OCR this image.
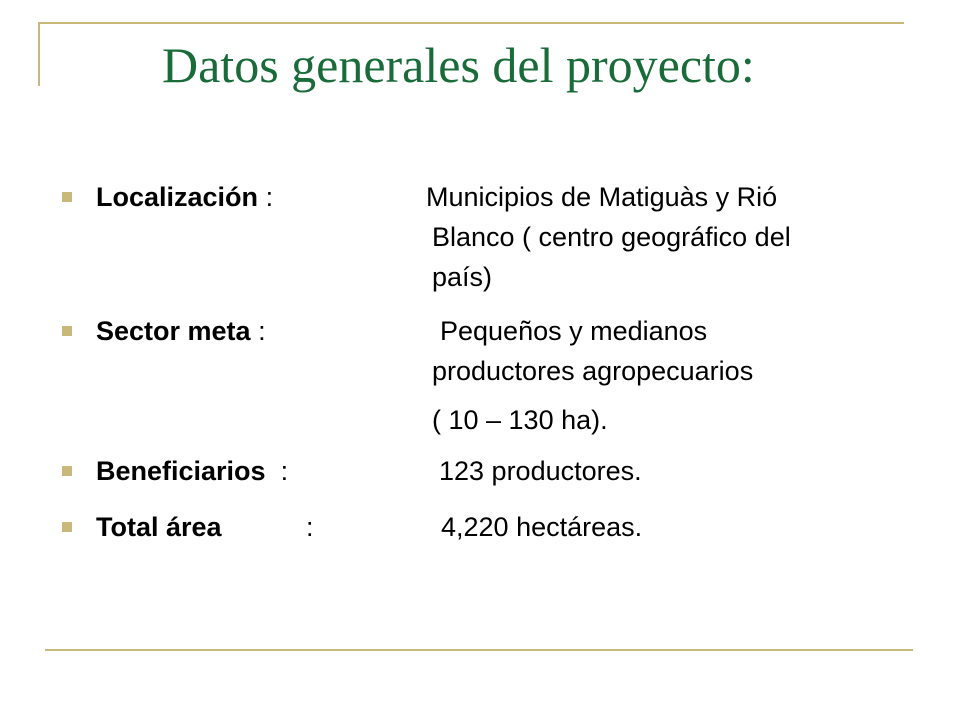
Datos generales del proyecto:
Localización :	Municipios de Matiguàs y Rió
Blanco ( centro geográfico del
país)
Sector meta :	Pequeños y medianos
productores agropecuarios
( 10 – 130 ha).
Beneficiarios :	123 productores.
Total área	:	4,220 hectáreas.
